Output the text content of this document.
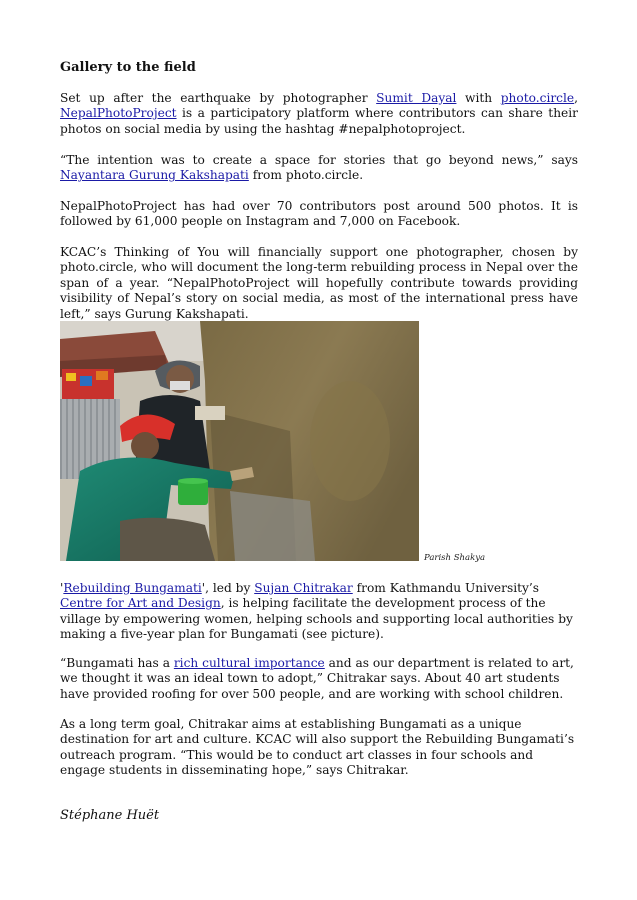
Gallery to the field

Set up after the earthquake by photographer Sumit Dayal with photo.circle, NepalPhotoProject is a participatory platform where contributors can share their photos on social media by using the hashtag #nepalphotoproject.

“The intention was to create a space for stories that go beyond news,” says Nayantara Gurung Kakshapati from photo.circle.

NepalPhotoProject has had over 70 contributors post around 500 photos. It is followed by 61,000 people on Instagram and 7,000 on Facebook.

KCAC’s Thinking of You will financially support one photographer, chosen by photo.circle, who will document the long-term rebuilding process in Nepal over the span of a year. “NepalPhotoProject will hopefully contribute towards providing visibility of Nepal’s story on social media, as most of the international press have left,” says Gurung Kakshapati.

Parish Shakya

'Rebuilding Bungamati', led by Sujan Chitrakar from Kathmandu University’s Centre for Art and Design, is helping facilitate the development process of the village by empowering women, helping schools and supporting local authorities by making a five-year plan for Bungamati (see picture).

“Bungamati has a rich cultural importance and as our department is related to art, we thought it was an ideal town to adopt,” Chitrakar says. About 40 art students have provided roofing for over 500 people, and are working with school children.

As a long term goal, Chitrakar aims at establishing Bungamati as a unique destination for art and culture. KCAC will also support the Rebuilding Bungamati’s outreach program. “This would be to conduct art classes in four schools and engage students in disseminating hope,” says Chitrakar.

Stéphane Huët
